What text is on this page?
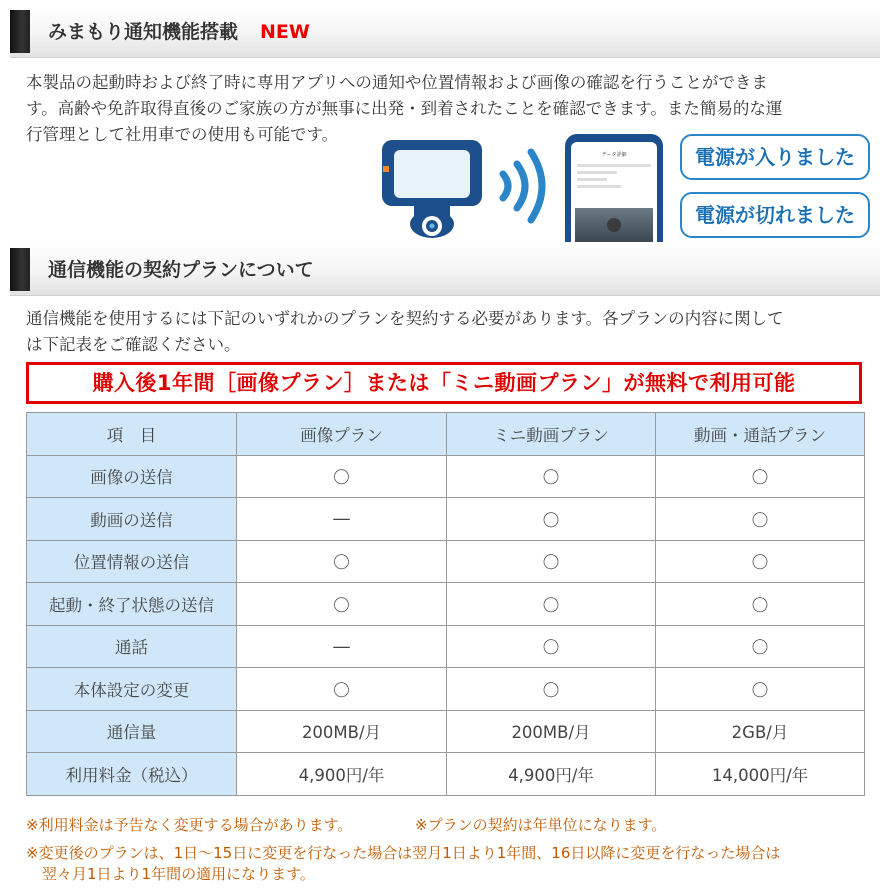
みまもり通知機能搭載 NEW
本製品の起動時および終了時に専用アプリへの通知や位置情報および画像の確認を行うことができま
す。高齢や免許取得直後のご家族の方が無事に出発・到着されたことを確認できます。また簡易的な運
行管理として社用車での使用も可能です。
データ詳細	電源が入りました
電源が切れました
通信機能の契約プランについて
通信機能を使用するには下記のいずれかのプランを契約する必要があります。各プランの内容に関して
は下記表をご確認ください。
購入後1年間［画像プラン］または「ミニ動画プラン」が無料で利用可能
項　目	画像プラン	ミニ動画プラン	動画・通話プラン
画像の送信	〇	〇	〇
動画の送信	―	〇	〇
位置情報の送信	〇	〇	〇
起動・終了状態の送信	〇	〇	〇
通話	―	〇	〇
本体設定の変更	〇	〇	〇
通信量	200MB/月	200MB/月	2GB/月
利用料金（税込）	4,900円/年	4,900円/年	14,000円/年
※利用料金は予告なく変更する場合があります。	※プランの契約は年単位になります。
※変更後のプランは、1日～15日に変更を行なった場合は翌月1日より1年間、16日以降に変更を行なった場合は
翌々月1日より1年間の適用になります。
